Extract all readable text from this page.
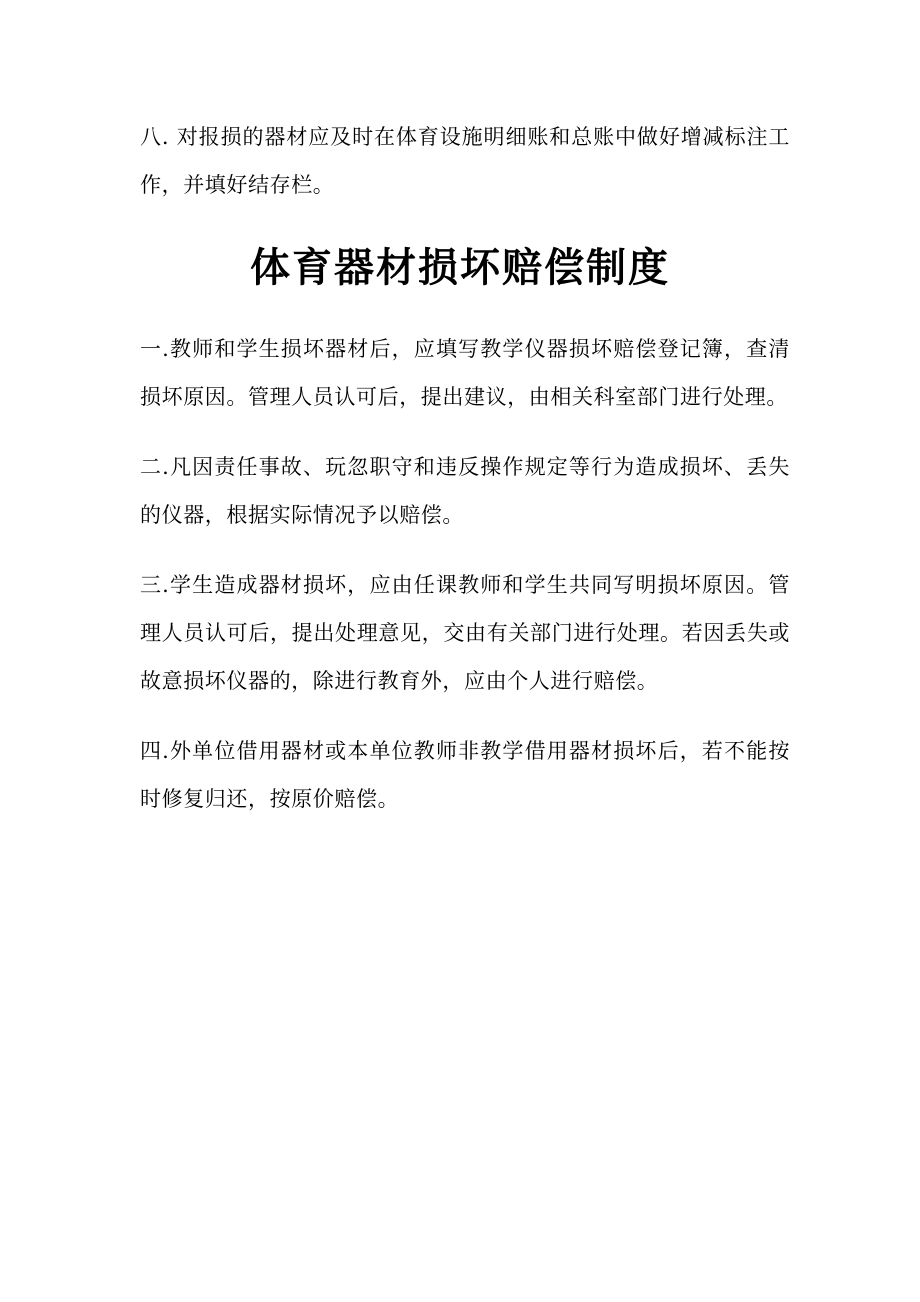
八. 对报损的器材应及时在体育设施明细账和总账中做好增减标注工作，并填好结存栏。

体育器材损坏赔偿制度

一.教师和学生损坏器材后，应填写教学仪器损坏赔偿登记簿，查清损坏原因。管理人员认可后，提出建议，由相关科室部门进行处理。

二.凡因责任事故、玩忽职守和违反操作规定等行为造成损坏、丢失的仪器，根据实际情况予以赔偿。

三.学生造成器材损坏，应由任课教师和学生共同写明损坏原因。管理人员认可后，提出处理意见，交由有关部门进行处理。若因丢失或故意损坏仪器的，除进行教育外，应由个人进行赔偿。

四.外单位借用器材或本单位教师非教学借用器材损坏后，若不能按时修复归还，按原价赔偿。
